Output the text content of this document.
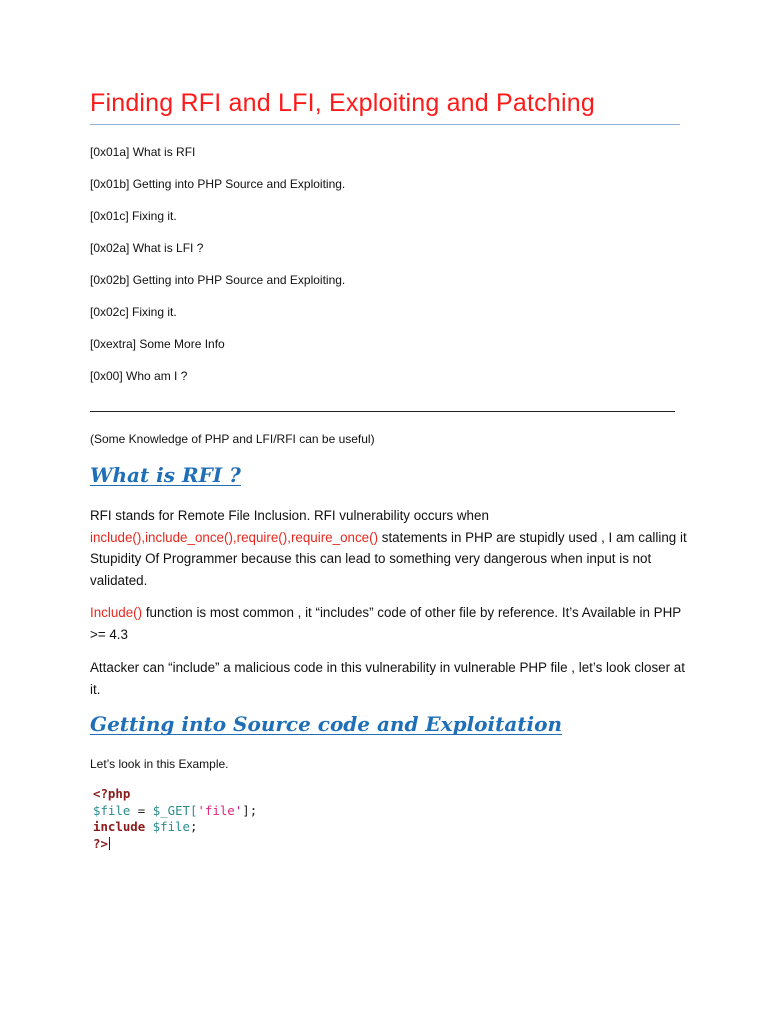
Finding RFI and LFI, Exploiting and Patching
[0x01a] What is RFI
[0x01b] Getting into PHP Source and Exploiting.
[0x01c] Fixing it.
[0x02a] What is LFI ?
[0x02b] Getting into PHP Source and Exploiting.
[0x02c] Fixing it.
[0xextra] Some More Info
[0x00] Who am I ?
(Some Knowledge of PHP and LFI/RFI can be useful)
What is RFI ?

RFI stands for Remote File Inclusion. RFI vulnerability occurs when include(),include_once(),require(),require_once() statements in PHP are stupidly used , I am calling it Stupidity Of Programmer because this can lead to something very dangerous when input is not validated.

Include() function is most common , it “includes” code of other file by reference. It’s Available in PHP >= 4.3

Attacker can “include” a malicious code in this vulnerability in vulnerable PHP file , let’s look closer at it.

Getting into Source code and Exploitation
Let’s look in this Example.
<?php
$file = $_GET['file'];
include $file;
?>
